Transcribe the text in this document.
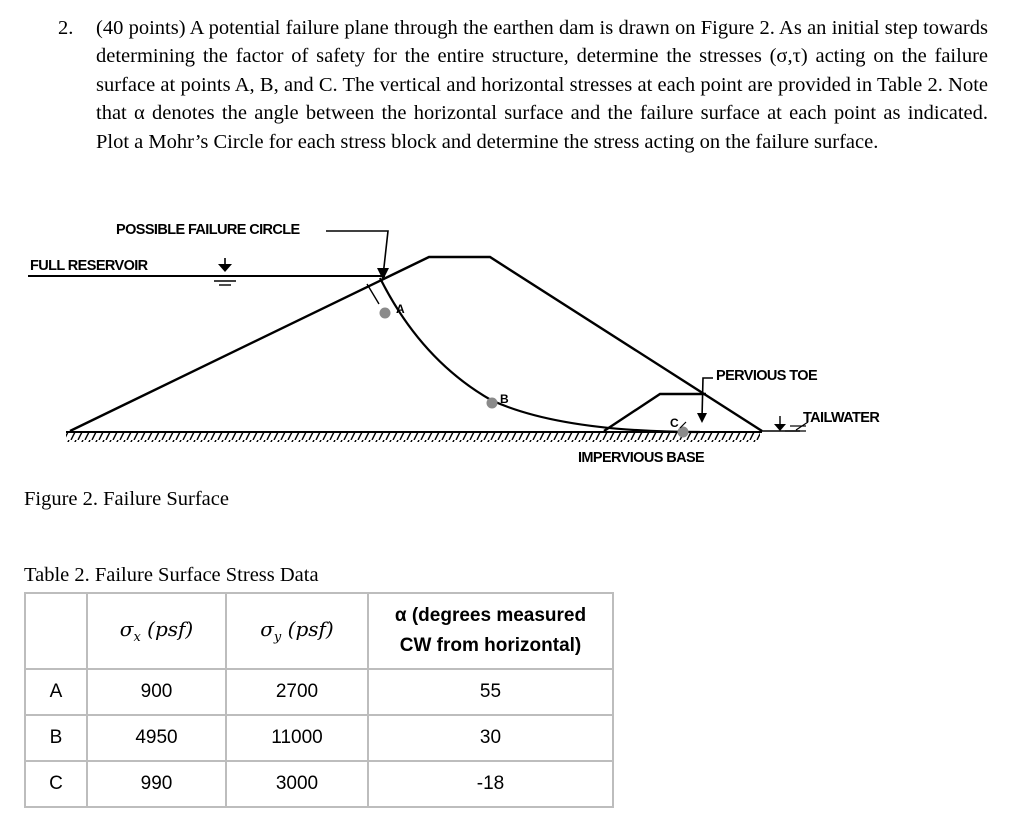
2. (40 points) A potential failure plane through the earthen dam is drawn on Figure 2. As an initial step towards determining the factor of safety for the entire structure, determine the stresses (σ,τ) acting on the failure surface at points A, B, and C. The vertical and horizontal stresses at each point are provided in Table 2. Note that α denotes the angle between the horizontal surface and the failure surface at each point as indicated. Plot a Mohr’s Circle for each stress block and determine the stress acting on the failure surface.
POSSIBLE FAILURE CIRCLE
FULL RESERVOIR
PERVIOUS TOE
TAILWATER
IMPERVIOUS BASE
A
B
C
Figure 2. Failure Surface
Table 2. Failure Surface Stress Data
	$\sigma_x$ (psf)	$\sigma_y$ (psf)	α (degrees measured
CW from horizontal)

A	900	2700	55
B	4950	11000	30
C	990	3000	-18
